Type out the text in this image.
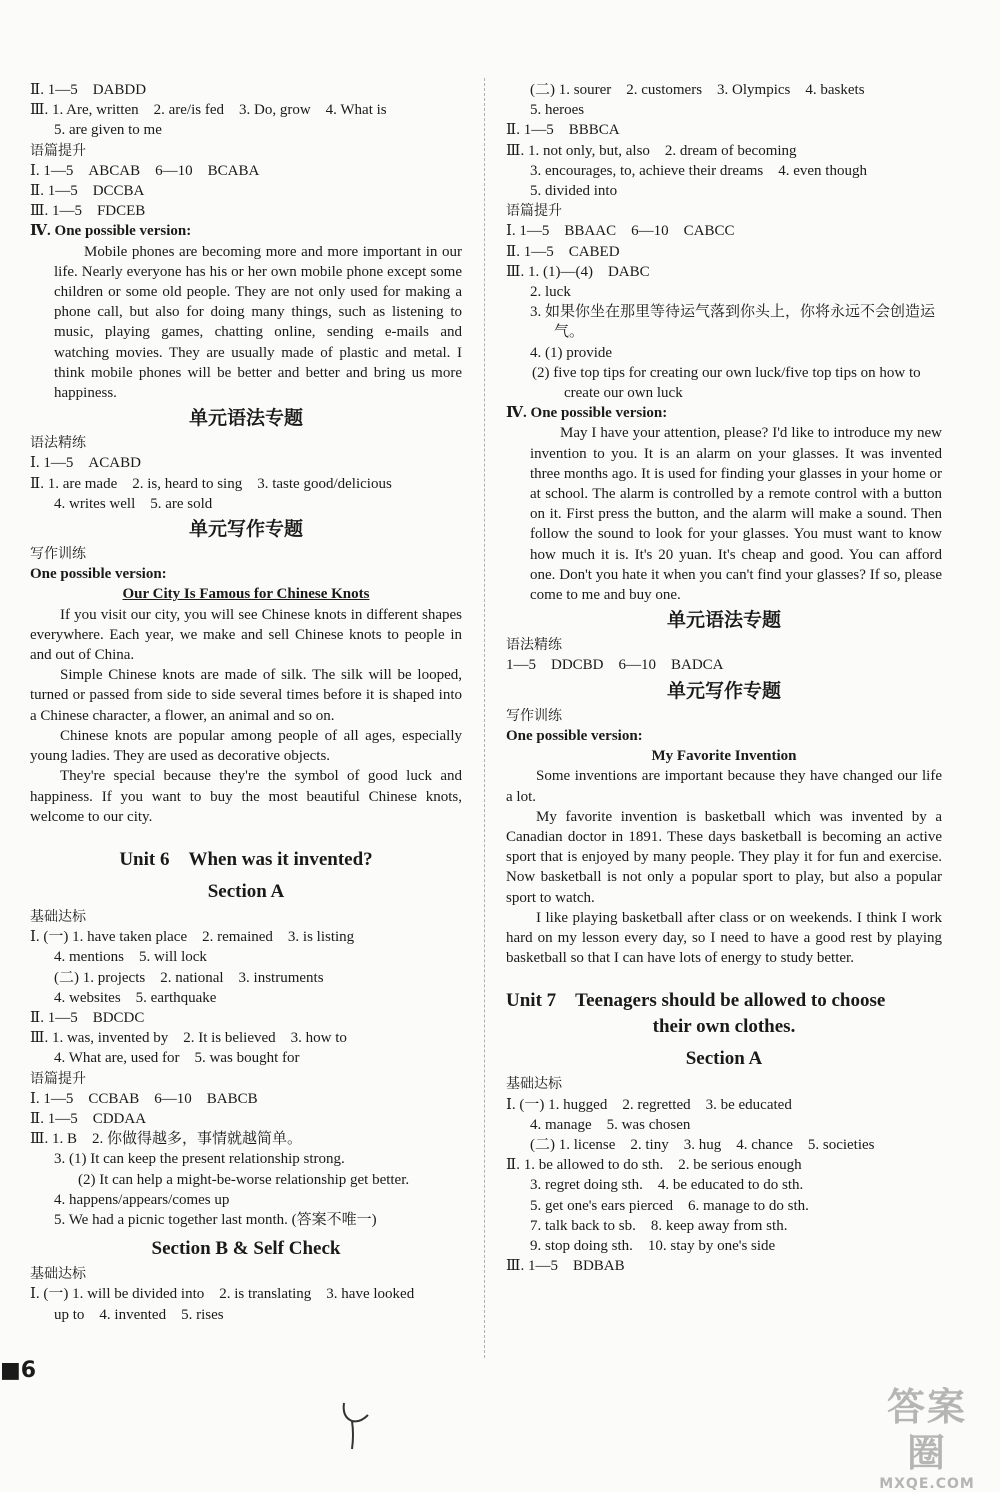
Ⅱ. 1—5　DABDD
Ⅲ. 1. Are, written　2. are/is fed　3. Do, grow　4. What is
5. are given to me
语篇提升
Ⅰ. 1—5　ABCAB　6—10　BCABA
Ⅱ. 1—5　DCCBA
Ⅲ. 1—5　FDCEB
Ⅳ. One possible version:
Mobile phones are becoming more and more important in our life. Nearly everyone has his or her own mobile phone except some children or some old people. They are not only used for making a phone call, but also for doing many things, such as listening to music, playing games, chatting online, sending e-mails and watching movies. They are usually made of plastic and metal. I think mobile phones will be better and better and bring us more happiness.
单元语法专题
语法精练
Ⅰ. 1—5　ACABD
Ⅱ. 1. are made　2. is, heard to sing　3. taste good/delicious
4. writes well　5. are sold
单元写作专题
写作训练
One possible version:
Our City Is Famous for Chinese Knots
If you visit our city, you will see Chinese knots in different shapes everywhere. Each year, we make and sell Chinese knots to people in and out of China.
Simple Chinese knots are made of silk. The silk will be looped, turned or passed from side to side several times before it is shaped into a Chinese character, a flower, an animal and so on.
Chinese knots are popular among people of all ages, especially young ladies. They are used as decorative objects.
They're special because they're the symbol of good luck and happiness. If you want to buy the most beautiful Chinese knots, welcome to our city.
Unit 6　When was it invented?
Section A
基础达标
Ⅰ. (一) 1. have taken place　2. remained　3. is listing
4. mentions　5. will lock
(二) 1. projects　2. national　3. instruments
4. websites　5. earthquake
Ⅱ. 1—5　BDCDC
Ⅲ. 1. was, invented by　2. It is believed　3. how to
4. What are, used for　5. was bought for
语篇提升
Ⅰ. 1—5　CCBAB　6—10　BABCB
Ⅱ. 1—5　CDDAA
Ⅲ. 1. B　2. 你做得越多，事情就越简单。
3. (1) It can keep the present relationship strong.
(2) It can help a might-be-worse relationship get better.
4. happens/appears/comes up
5. We had a picnic together last month. (答案不唯一)
Section B & Self Check
基础达标
Ⅰ. (一) 1. will be divided into　2. is translating　3. have looked
up to　4. invented　5. rises
(二) 1. sourer　2. customers　3. Olympics　4. baskets
5. heroes
Ⅱ. 1—5　BBBCA
Ⅲ. 1. not only, but, also　2. dream of becoming
3. encourages, to, achieve their dreams　4. even though
5. divided into
语篇提升
Ⅰ. 1—5　BBAAC　6—10　CABCC
Ⅱ. 1—5　CABED
Ⅲ. 1. (1)—(4)　DABC
2. luck
3. 如果你坐在那里等待运气落到你头上，你将永远不会创造运气。
4. (1) provide
(2) five top tips for creating our own luck/five top tips on how to create our own luck
Ⅳ. One possible version:
May I have your attention, please? I'd like to introduce my new invention to you. It is an alarm on your glasses. It was invented three months ago. It is used for finding your glasses in your home or at school. The alarm is controlled by a remote control with a button on it. First press the button, and the alarm will make a sound. Then follow the sound to look for your glasses. You must want to know how much it is. It's 20 yuan. It's cheap and good. You can afford one. Don't you hate it when you can't find your glasses? If so, please come to me and buy one.
单元语法专题
语法精练
1—5　DDCBD　6—10　BADCA
单元写作专题
写作训练
One possible version:
My Favorite Invention
Some inventions are important because they have changed our life a lot.
My favorite invention is basketball which was invented by a Canadian doctor in 1891. These days basketball is becoming an active sport that is enjoyed by many people. They play it for fun and exercise. Now basketball is not only a popular sport to play, but also a popular sport to watch.
I like playing basketball after class or on weekends. I think I work hard on my lesson every day, so I need to have a good rest by playing basketball so that I can have lots of energy to study better.
Unit 7　Teenagers should be allowed to choose
their own clothes.
Section A
基础达标
Ⅰ. (一) 1. hugged　2. regretted　3. be educated
4. manage　5. was chosen
(二) 1. license　2. tiny　3. hug　4. chance　5. societies
Ⅱ. 1. be allowed to do sth.　2. be serious enough
3. regret doing sth.　4. be educated to do sth.
5. get one's ears pierced　6. manage to do sth.
7. talk back to sb.　8. keep away from sth.
9. stop doing sth.　10. stay by one's side
Ⅲ. 1—5　BDBAB
■6
答案圈
MXQE.COM
